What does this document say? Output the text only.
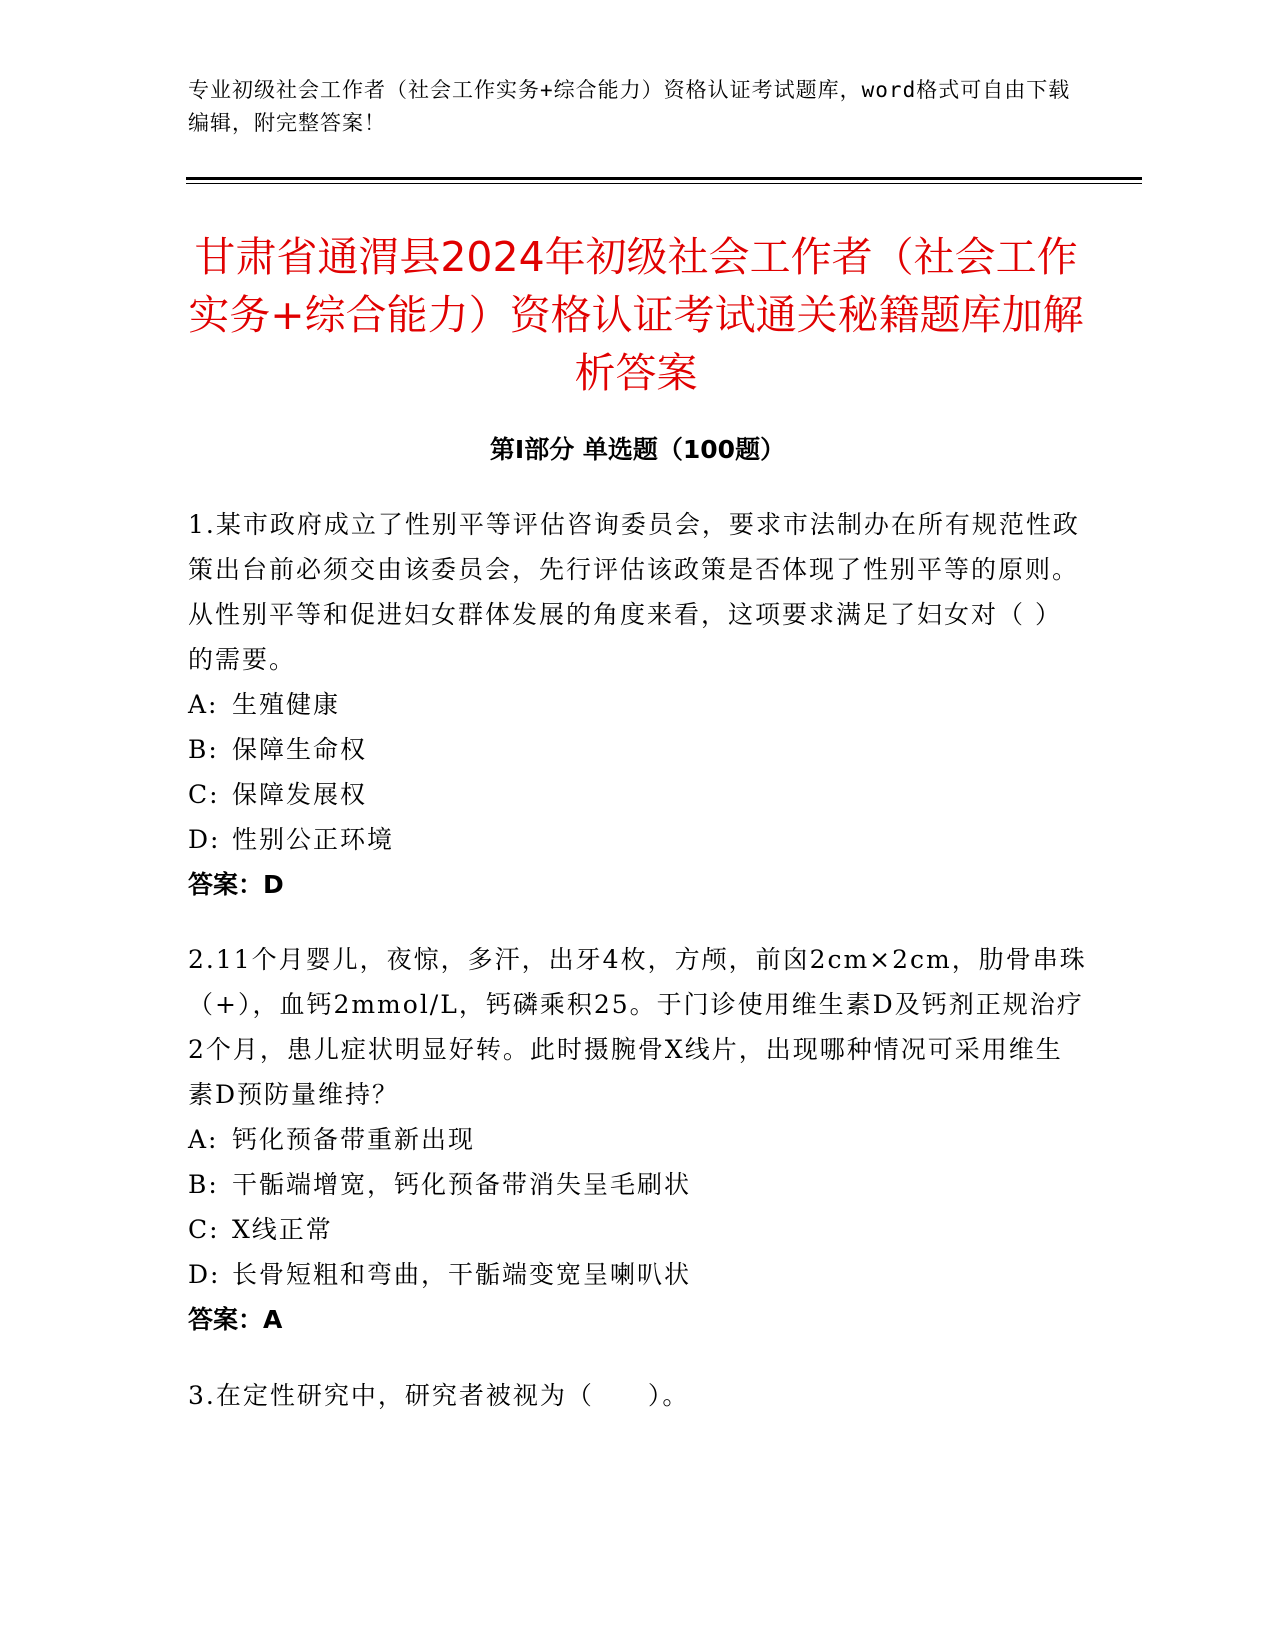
专业初级社会工作者（社会工作实务+综合能力）资格认证考试题库，word格式可自由下载编辑，附完整答案！
甘肃省通渭县2024年初级社会工作者（社会工作实务+综合能力）资格认证考试通关秘籍题库加解析答案
第Ⅰ部分 单选题（100题）

1.某市政府成立了性别平等评估咨询委员会，要求市法制办在所有规范性政策出台前必须交由该委员会，先行评估该政策是否体现了性别平等的原则。从性别平等和促进妇女群体发展的角度来看，这项要求满足了妇女对（ ）的需要。

A: 生殖健康

B: 保障生命权

C: 保障发展权

D: 性别公正环境

答案：D

2.11个月婴儿，夜惊，多汗，出牙4枚，方颅，前囟2cm×2cm，肋骨串珠（+），血钙2mmol/L，钙磷乘积25。于门诊使用维生素D及钙剂正规治疗2个月，患儿症状明显好转。此时摄腕骨X线片，出现哪种情况可采用维生素D预防量维持？

A: 钙化预备带重新出现

B: 干骺端增宽，钙化预备带消失呈毛刷状

C: X线正常

D: 长骨短粗和弯曲，干骺端变宽呈喇叭状

答案：A

3.在定性研究中，研究者被视为（　　）。
